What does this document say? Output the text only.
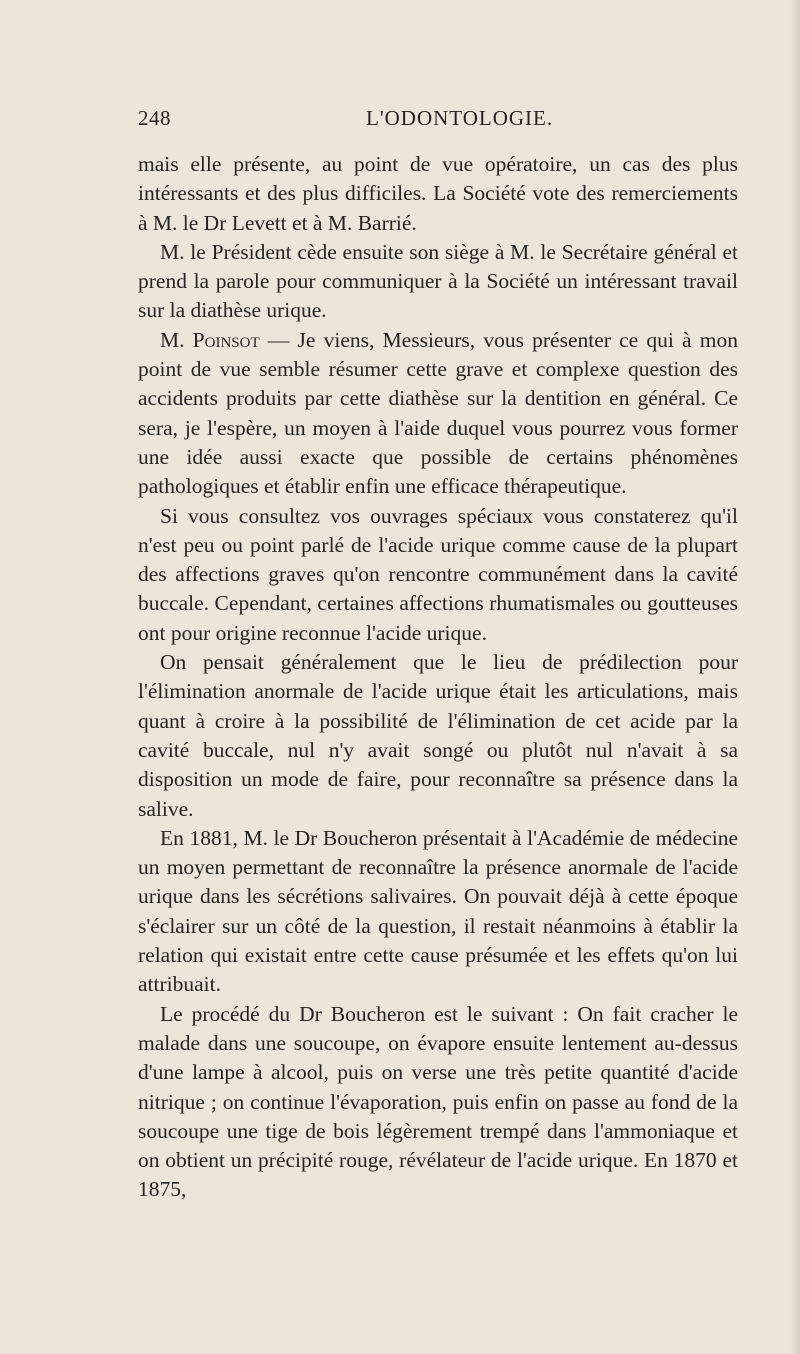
248	L'ODONTOLOGIE.

mais elle présente, au point de vue opératoire, un cas des plus intéressants et des plus difficiles. La Société vote des remerciements à M. le Dr Levett et à M. Barrié.

M. le Président cède ensuite son siège à M. le Secrétaire général et prend la parole pour communiquer à la Société un intéressant travail sur la diathèse urique.

M. Poinsot — Je viens, Messieurs, vous présenter ce qui à mon point de vue semble résumer cette grave et complexe question des accidents produits par cette diathèse sur la dentition en général. Ce sera, je l'espère, un moyen à l'aide duquel vous pourrez vous former une idée aussi exacte que possible de certains phénomènes pathologiques et établir enfin une efficace thérapeutique.

Si vous consultez vos ouvrages spéciaux vous constaterez qu'il n'est peu ou point parlé de l'acide urique comme cause de la plupart des affections graves qu'on rencontre communément dans la cavité buccale. Cependant, certaines affections rhumatismales ou goutteuses ont pour origine reconnue l'acide urique.

On pensait généralement que le lieu de prédilection pour l'élimination anormale de l'acide urique était les articulations, mais quant à croire à la possibilité de l'élimination de cet acide par la cavité buccale, nul n'y avait songé ou plutôt nul n'avait à sa disposition un mode de faire, pour reconnaître sa présence dans la salive.

En 1881, M. le Dr Boucheron présentait à l'Académie de médecine un moyen permettant de reconnaître la présence anormale de l'acide urique dans les sécrétions salivaires. On pouvait déjà à cette époque s'éclairer sur un côté de la question, il restait néanmoins à établir la relation qui existait entre cette cause présumée et les effets qu'on lui attribuait.

Le procédé du Dr Boucheron est le suivant : On fait cracher le malade dans une soucoupe, on évapore ensuite lentement au-dessus d'une lampe à alcool, puis on verse une très petite quantité d'acide nitrique ; on continue l'évaporation, puis enfin on passe au fond de la soucoupe une tige de bois légèrement trempé dans l'ammoniaque et on obtient un précipité rouge, révélateur de l'acide urique. En 1870 et 1875,
